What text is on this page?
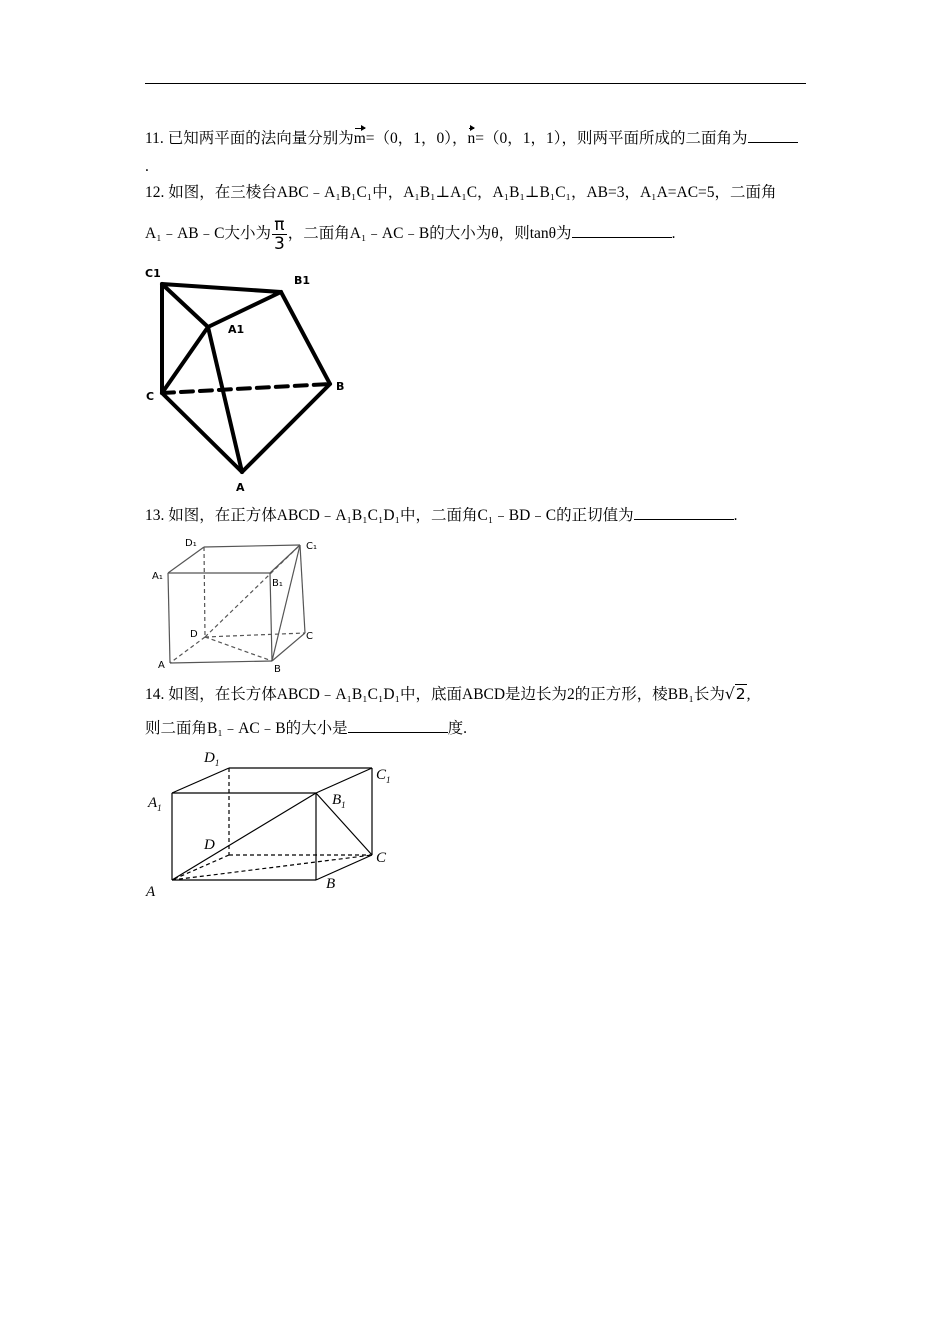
11. 已知两平面的法向量分别为m=（0，1，0），n=（0，1，1），则两平面所成的二面角为
.
12. 如图，在三棱台ABC﹣A₁B₁C₁中，A₁B₁⊥A₁C，A₁B₁⊥B₁C₁，AB=3，A₁A=AC=5，二面角
A₁﹣AB﹣C大小为 $\frac{\pi}{3}$ ，二面角A₁﹣AC﹣B的大小为θ，则tanθ为	.
C1
B1
A1
C
B
A
13. 如图，在正方体ABCD﹣A₁B₁C₁D₁中，二面角C₁﹣BD﹣C的正切值为	.
D₁	C₁
A₁
B₁
D	C
A	B
14. 如图，在长方体ABCD﹣A₁B₁C₁D₁中，底面ABCD是边长为2的正方形，棱BB₁长为√2,
则二面角B₁﹣AC﹣B的大小是	度.
$D_1$
$C_1$
$A_1$	$B_1$
D
C
A	B
